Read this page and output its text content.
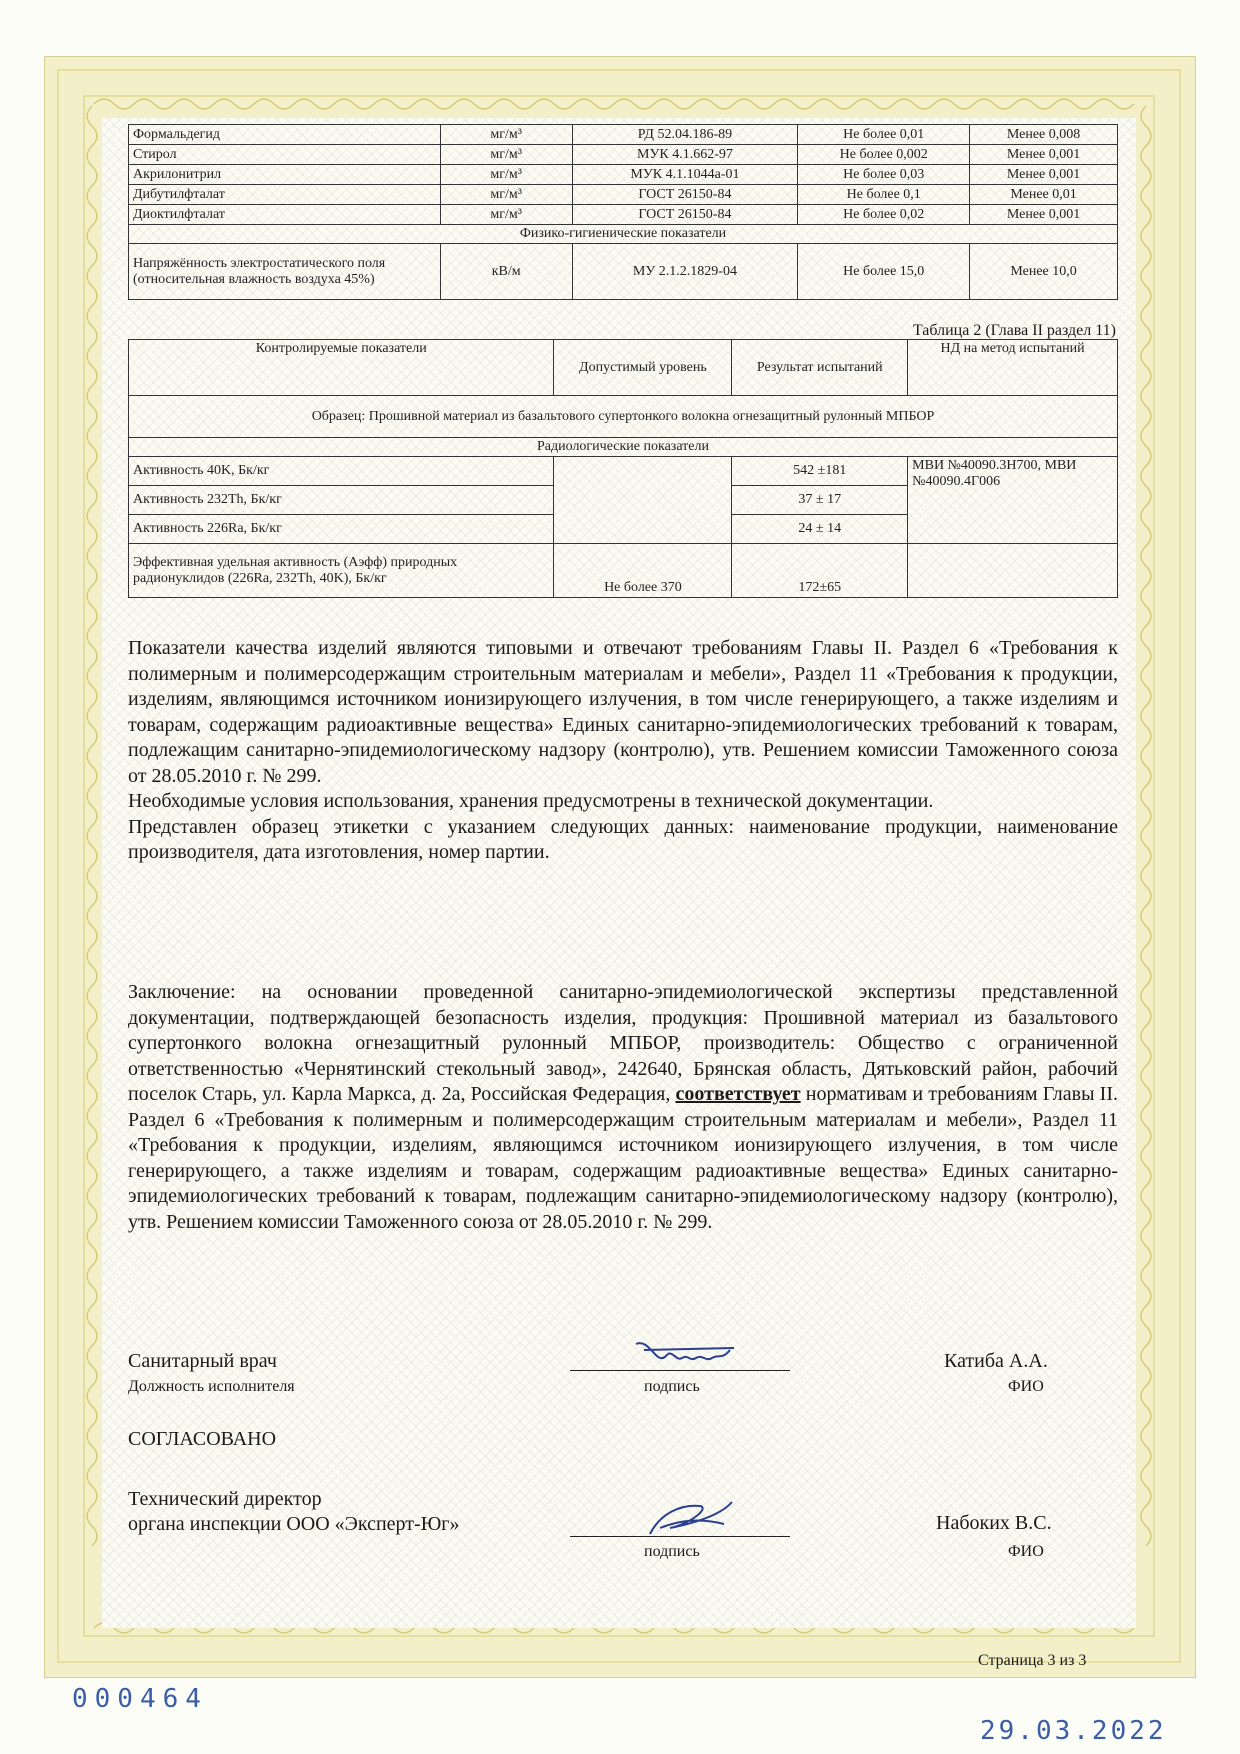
Формальдегид	мг/м³	РД 52.04.186-89	Не более 0,01	Менее 0,008
Стирол	мг/м³	МУК 4.1.662-97	Не более 0,002	Менее 0,001
Акрилонитрил	мг/м³	МУК 4.1.1044а-01	Не более 0,03	Менее 0,001
Дибутилфталат	мг/м³	ГОСТ 26150-84	Не более 0,1	Менее 0,01
Диоктилфталат	мг/м³	ГОСТ 26150-84	Не более 0,02	Менее 0,001
Физико-гигиенические показатели				
Напряжённость электростатического поля (относительная влажность воздуха 45%)	кВ/м	МУ 2.1.2.1829-04	Не более 15,0	Менее 10,0
Таблица 2 (Глава II раздел 11)
Контролируемые показатели	Допустимый уровень	Результат испытаний	НД на метод испытаний
Образец: Прошивной материал из базальтового супертонкого волокна огнезащитный рулонный МПБОР			
Радиологические показатели			
Активность 40K, Бк/кг		542 ±181	МВИ №40090.3Н700, МВИ №40090.4Г006
Активность 232Th, Бк/кг		37 ± 17	
Активность 226Ra, Бк/кг		24 ± 14	
Эффективная удельная активность (Аэфф) природных радионуклидов (226Ra, 232Th, 40K), Бк/кг	Не более 370	172±65	

Показатели качества изделий являются типовыми и отвечают требованиям Главы II. Раздел 6 «Требования к полимерным и полимерсодержащим строительным материалам и мебели», Раздел 11 «Требования к продукции, изделиям, являющимся источником ионизирующего излучения, в том числе генерирующего, а также изделиям и товарам, содержащим радиоактивные вещества» Единых санитарно-эпидемиологических требований к товарам, подлежащим санитарно-эпидемиологическому надзору (контролю), утв. Решением комиссии Таможенного союза от 28.05.2010 г. № 299.

Необходимые условия использования, хранения предусмотрены в технической документации.

Представлен образец этикетки с указанием следующих данных: наименование продукции, наименование производителя, дата изготовления, номер партии.

Заключение: на основании проведенной санитарно-эпидемиологической экспертизы представленной документации, подтверждающей безопасность изделия, продукция: Прошивной материал из базальтового супертонкого волокна огнезащитный рулонный МПБОР, производитель: Общество с ограниченной ответственностью «Чернятинский стекольный завод», 242640, Брянская область, Дятьковский район, рабочий поселок Старь, ул. Карла Маркса, д. 2а, Российская Федерация, соответствует нормативам и требованиям Главы II. Раздел 6 «Требования к полимерным и полимерсодержащим строительным материалам и мебели», Раздел 11 «Требования к продукции, изделиям, являющимся источником ионизирующего излучения, в том числе генерирующего, а также изделиям и товарам, содержащим радиоактивные вещества» Единых санитарно-эпидемиологических требований к товарам, подлежащим санитарно-эпидемиологическому надзору (контролю), утв. Решением комиссии Таможенного союза от 28.05.2010 г. № 299.

Санитарный врач
Должность исполнителя	подпись
Катиба А.А.
ФИО
СОГЛАСОВАНО
Технический директор
органа инспекции ООО «Эксперт-Юг»
подпись
Набоких В.С.
ФИО
Страница 3 из 3
000464
29.03.2022
